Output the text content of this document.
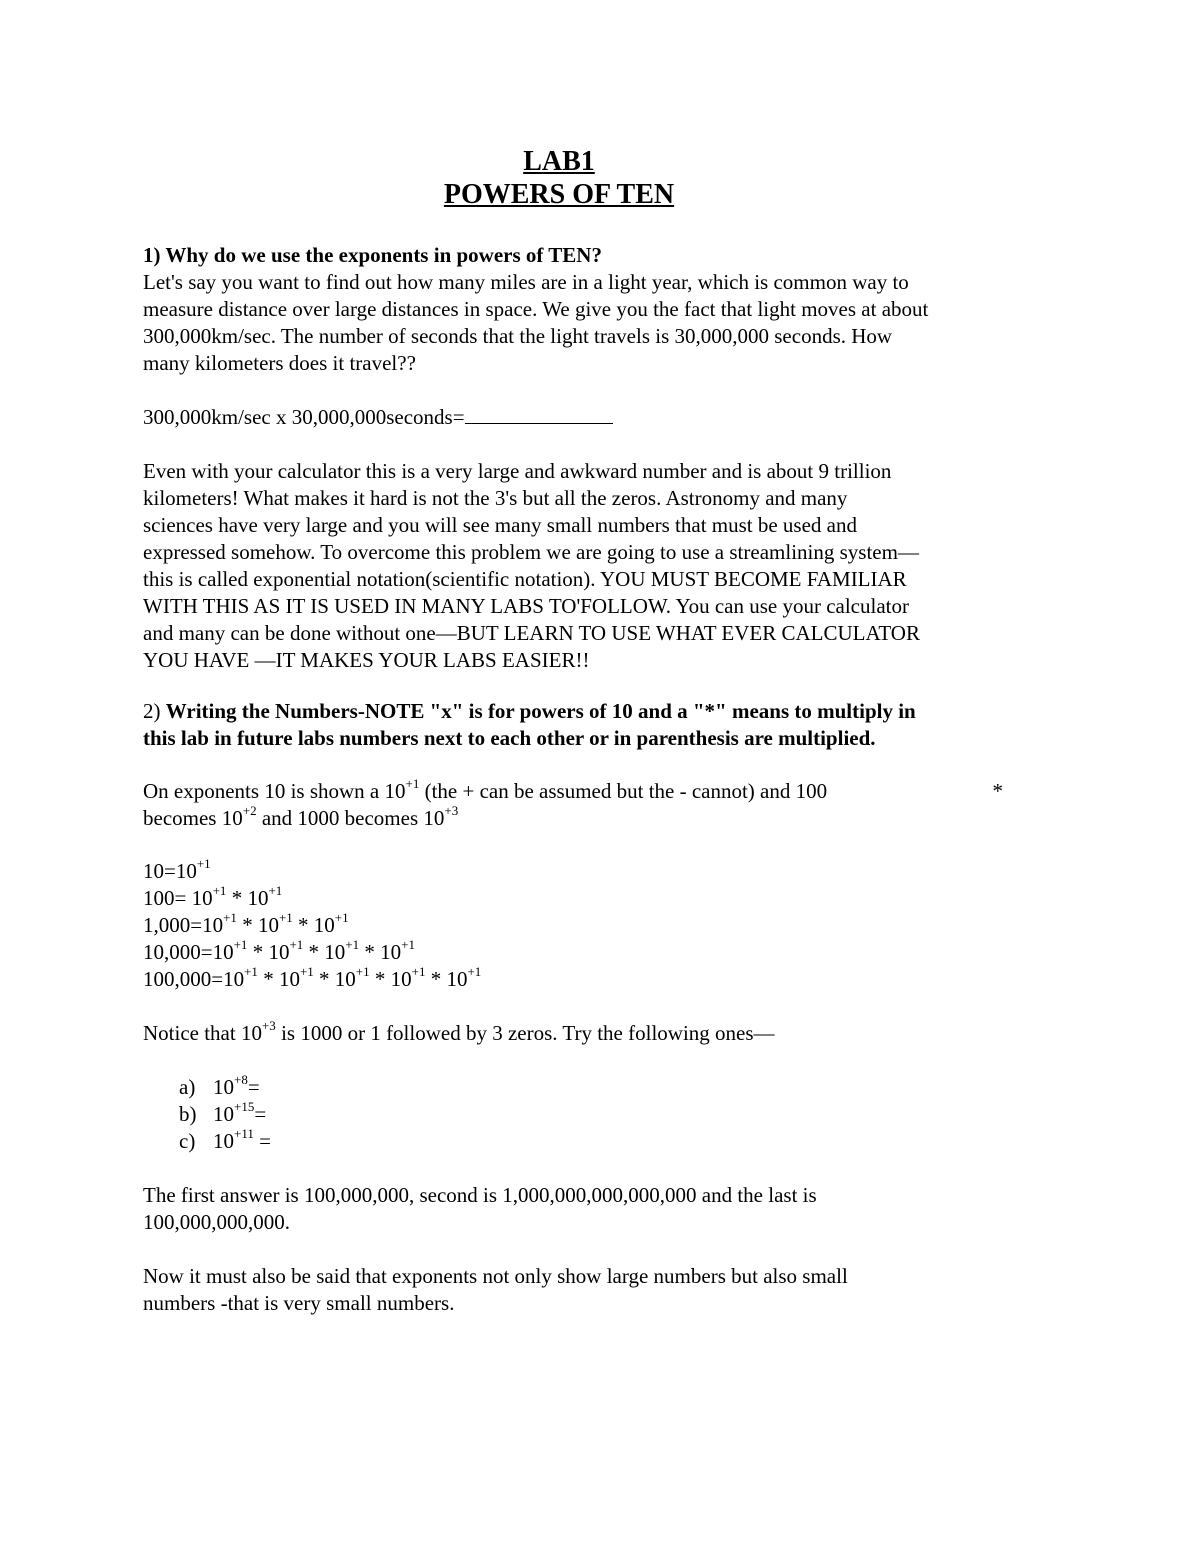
LAB1
POWERS OF TEN
1) Why do we use the exponents in powers of TEN?
Let's say you want to find out how many miles are in a light year, which is common way to
measure distance over large distances in space. We give you the fact that light moves at about
300,000km/sec. The number of seconds that the light travels is 30,000,000 seconds. How
many kilometers does it travel??
300,000km/sec x 30,000,000seconds=
Even with your calculator this is a very large and awkward number and is about 9 trillion
kilometers! What makes it hard is not the 3's but all the zeros. Astronomy and many
sciences have very large and you will see many small numbers that must be used and
expressed somehow. To overcome this problem we are going to use a streamlining system—
this is called exponential notation(scientific notation). YOU MUST BECOME FAMILIAR
WITH THIS AS IT IS USED IN MANY LABS TO'FOLLOW. You can use your calculator
and many can be done without one—BUT LEARN TO USE WHAT EVER CALCULATOR
YOU HAVE —IT MAKES YOUR LABS EASIER!!
2) Writing the Numbers-NOTE "x" is for powers of 10 and a "*" means to multiply in
this lab in future labs numbers next to each other or in parenthesis are multiplied.
On exponents 10 is shown a $10^{+1}$ (the + can be assumed but the - cannot) and 100	*
becomes $10^{+2}$ and 1000 becomes $10^{+3}$
$10=10^{+1}$
$100= 10^{+1} * 10^{+1}$
$1,000=10^{+1} * 10^{+1} * 10^{+1}$
$10,000=10^{+1} * 10^{+1} * 10^{+1} * 10^{+1}$
$100,000=10^{+1} * 10^{+1} * 10^{+1} * 10^{+1} * 10^{+1}$
Notice that $10^{+3}$ is 1000 or 1 followed by 3 zeros. Try the following ones—
a) $10^{+8}=$
b) $10^{+15}=$
c) $10^{+11}$ =
The first answer is 100,000,000, second is 1,000,000,000,000,000 and the last is
100,000,000,000.
Now it must also be said that exponents not only show large numbers but also small
numbers -that is very small numbers.
